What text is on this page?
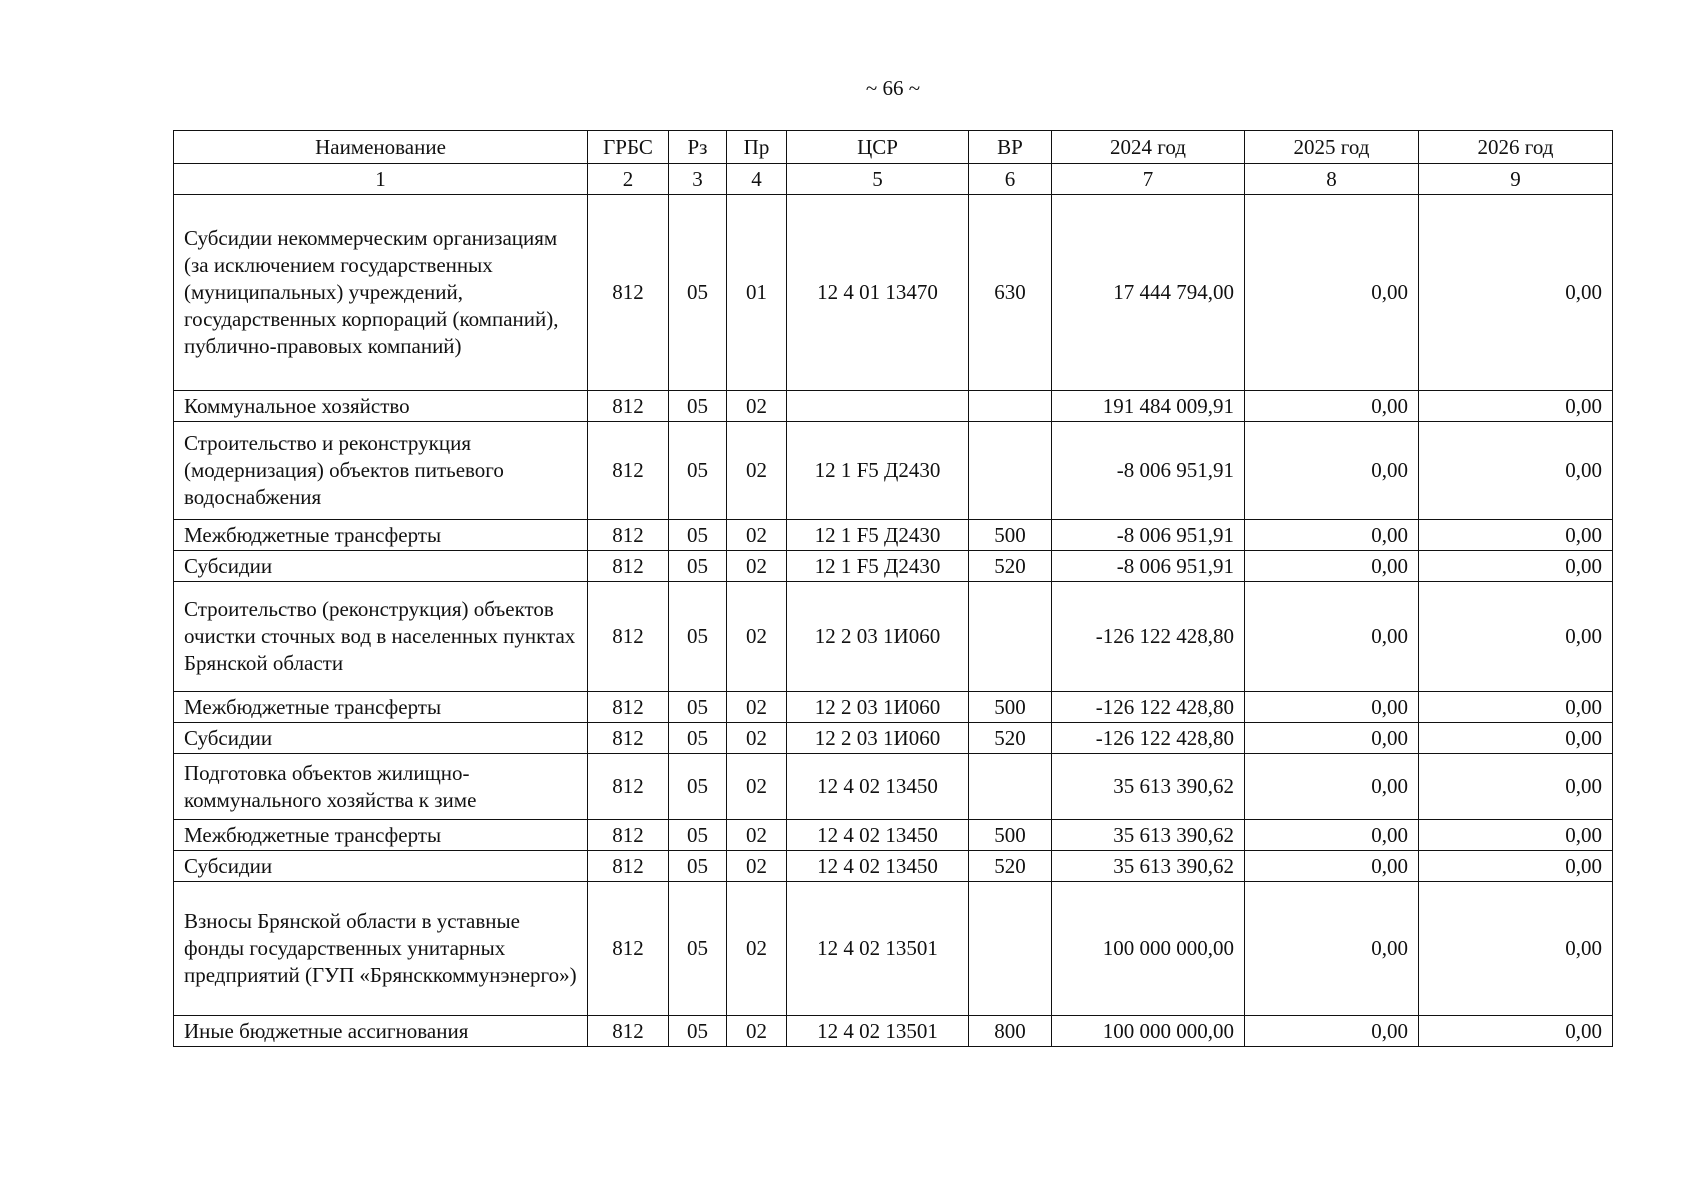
~ 66 ~
Наименование	ГРБС	Рз	Пр	ЦСР	ВР	2024 год	2025 год	2026 год
1	2	3	4	5	6	7	8	9
Субсидии некоммерческим организациям (за исключением государственных (муниципальных) учреждений, государственных корпораций (компаний), публично-правовых компаний)	812	05	01	12 4 01 13470	630	17 444 794,00	0,00	0,00
Коммунальное хозяйство	812	05	02			191 484 009,91	0,00	0,00
Строительство и реконструкция (модернизация) объектов питьевого водоснабжения	812	05	02	12 1 F5 Д2430		-8 006 951,91	0,00	0,00
Межбюджетные трансферты	812	05	02	12 1 F5 Д2430	500	-8 006 951,91	0,00	0,00
Субсидии	812	05	02	12 1 F5 Д2430	520	-8 006 951,91	0,00	0,00
Строительство (реконструкция) объектов очистки сточных вод в населенных пунктах Брянской области	812	05	02	12 2 03 1И060		-126 122 428,80	0,00	0,00
Межбюджетные трансферты	812	05	02	12 2 03 1И060	500	-126 122 428,80	0,00	0,00
Субсидии	812	05	02	12 2 03 1И060	520	-126 122 428,80	0,00	0,00
Подготовка объектов жилищно-коммунального хозяйства к зиме	812	05	02	12 4 02 13450		35 613 390,62	0,00	0,00
Межбюджетные трансферты	812	05	02	12 4 02 13450	500	35 613 390,62	0,00	0,00
Субсидии	812	05	02	12 4 02 13450	520	35 613 390,62	0,00	0,00
Взносы Брянской области в уставные фонды государственных унитарных предприятий (ГУП «Брянсккоммунэнерго»)	812	05	02	12 4 02 13501		100 000 000,00	0,00	0,00
Иные бюджетные ассигнования	812	05	02	12 4 02 13501	800	100 000 000,00	0,00	0,00
